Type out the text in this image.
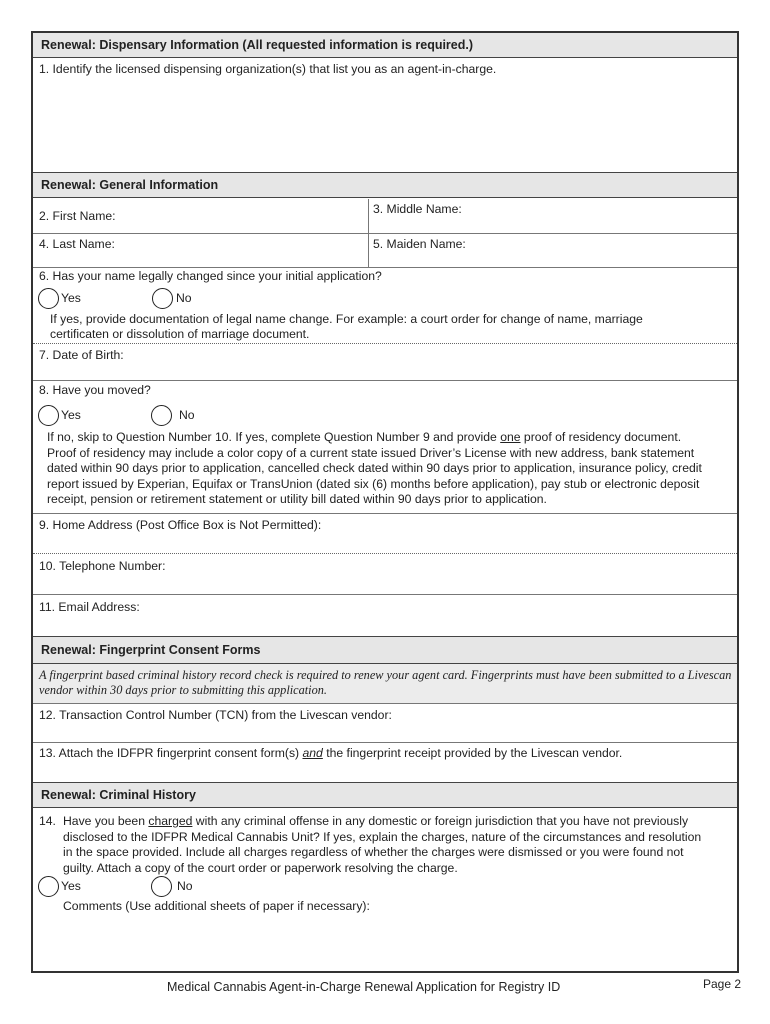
Renewal: Dispensary Information (All requested information is required.)
1. Identify the licensed dispensing organization(s) that list you as an agent-in-charge.
Renewal: General Information
2. First Name:	3. Middle Name:
4. Last Name:	5. Maiden Name:
6. Has your name legally changed since your initial application?
Yes	No
If yes, provide documentation of legal name change. For example: a court order for change of name, marriage
certificaten or dissolution of marriage document.
7. Date of Birth:
8. Have you moved?
Yes	No
If no, skip to Question Number 10. If yes, complete Question Number 9 and provide one proof of residency document.
Proof of residency may include a color copy of a current state issued Driver’s License with new address, bank statement
dated within 90 days prior to application, cancelled check dated within 90 days prior to application, insurance policy, credit
report issued by Experian, Equifax or TransUnion (dated six (6) months before application), pay stub or electronic deposit
receipt, pension or retirement statement or utility bill dated within 90 days prior to application.
9. Home Address (Post Office Box is Not Permitted):
10. Telephone Number:
11. Email Address:
Renewal: Fingerprint Consent Forms
A fingerprint based criminal history record check is required to renew your agent card. Fingerprints must have been submitted to a Livescan
vendor within 30 days prior to submitting this application.
12. Transaction Control Number (TCN) from the Livescan vendor:
13. Attach the IDFPR fingerprint consent form(s) and the fingerprint receipt provided by the Livescan vendor.
Renewal: Criminal History
14. Have you been charged with any criminal offense in any domestic or foreign jurisdiction that you have not previously
disclosed to the IDFPR Medical Cannabis Unit? If yes, explain the charges, nature of the circumstances and resolution
in the space provided. Include all charges regardless of whether the charges were dismissed or you were found not
guilty. Attach a copy of the court order or paperwork resolving the charge.
Yes	No
Comments (Use additional sheets of paper if necessary):
Medical Cannabis Agent-in-Charge Renewal Application for Registry ID	Page 2
